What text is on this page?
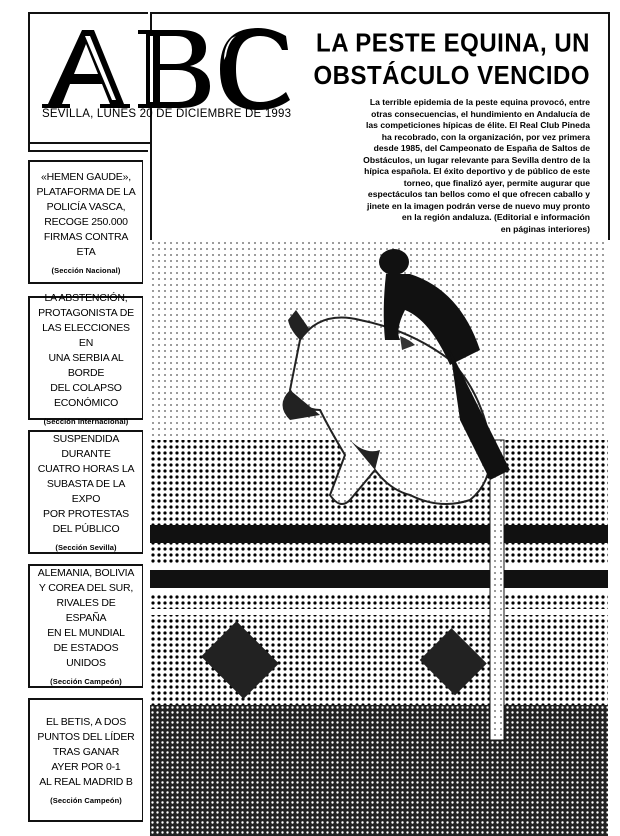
SEVILLA, LUNES 20 DE DICIEMBRE DE 1993
LA PESTE EQUINA, UN
OBSTÁCULO VENCIDO
La terrible epidemia de la peste equina provocó, entre
otras consecuencias, el hundimiento en Andalucía de
las competiciones hípicas de élite. El Real Club Pineda
ha recobrado, con la organización, por vez primera
desde 1985, del Campeonato de España de Saltos de
Obstáculos, un lugar relevante para Sevilla dentro de la
hípica española. El éxito deportivo y de público de este
torneo, que finalizó ayer, permite augurar que
espectáculos tan bellos como el que ofrecen caballo y
jinete en la imagen podrán verse de nuevo muy pronto
en la región andaluza. (Editorial e información
en páginas interiores)
«HEMEN GAUDE»,
PLATAFORMA DE LA
POLICÍA VASCA,
RECOGE 250.000
FIRMAS CONTRA ETA
(Sección Nacional)
LA ABSTENCIÓN,
PROTAGONISTA DE
LAS ELECCIONES EN
UNA SERBIA AL BORDE
DEL COLAPSO ECONÓMICO
(Sección Internacional)
SUSPENDIDA DURANTE
CUATRO HORAS LA
SUBASTA DE LA EXPO
POR PROTESTAS
DEL PÚBLICO
(Sección Sevilla)
ALEMANIA, BOLIVIA
Y COREA DEL SUR,
RIVALES DE ESPAÑA
EN EL MUNDIAL
DE ESTADOS UNIDOS
(Sección Campeón)
EL BETIS, A DOS
PUNTOS DEL LÍDER
TRAS GANAR
AYER POR 0-1
AL REAL MADRID B
(Sección Campeón)
